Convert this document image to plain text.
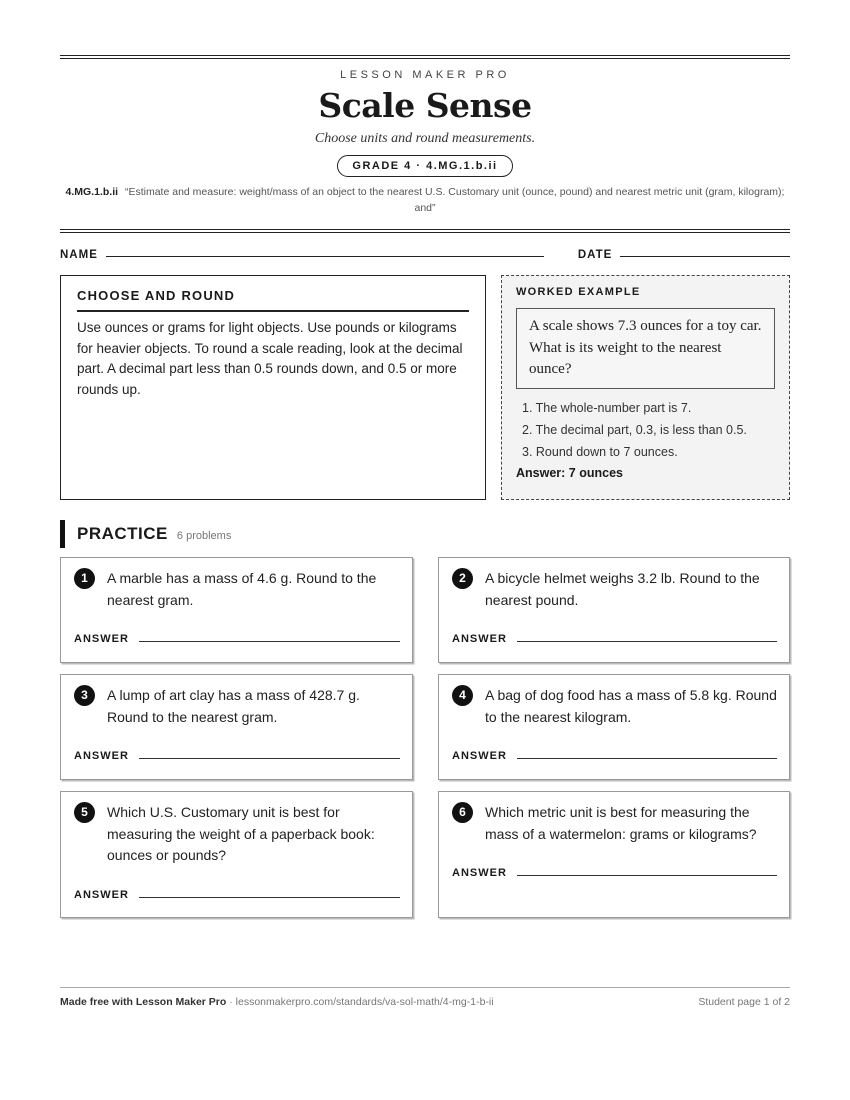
LESSON MAKER PRO
Scale Sense
Choose units and round measurements.
GRADE 4 · 4.MG.1.b.ii
4.MG.1.b.ii “Estimate and measure: weight/mass of an object to the nearest U.S. Customary unit (ounce, pound) and nearest metric unit (gram, kilogram); and”
NAME	DATE
CHOOSE AND ROUND

Use ounces or grams for light objects. Use pounds or kilograms for heavier objects. To round a scale reading, look at the decimal part. A decimal part less than 0.5 rounds down, and 0.5 or more rounds up.

WORKED EXAMPLE
A scale shows 7.3 ounces for a toy car. What is its weight to the nearest ounce?
1. The whole-number part is 7.
2. The decimal part, 0.3, is less than 0.5.
3. Round down to 7 ounces.
Answer: 7 ounces
PRACTICE 6 problems
1	A marble has a mass of 4.6 g. Round to the nearest gram.
ANSWER
2	A bicycle helmet weighs 3.2 lb. Round to the nearest pound.
ANSWER
3	A lump of art clay has a mass of 428.7 g. Round to the nearest gram.
ANSWER
4	A bag of dog food has a mass of 5.8 kg. Round to the nearest kilogram.
ANSWER
5	Which U.S. Customary unit is best for measuring the weight of a paperback book: ounces or pounds?
ANSWER
6	Which metric unit is best for measuring the mass of a watermelon: grams or kilograms?
ANSWER
Made free with Lesson Maker Pro · lessonmakerpro.com/standards/va-sol-math/4-mg-1-b-ii	Student page 1 of 2
